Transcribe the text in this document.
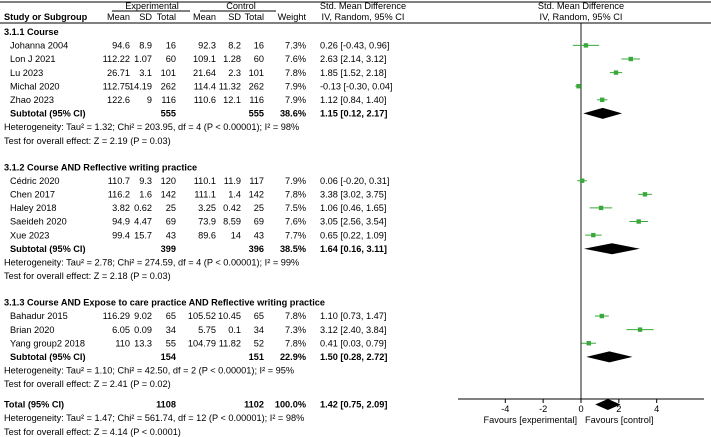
Experimental	Control	Std. Mean Difference	Std. Mean Difference
IV, Random, 95% CI	IV, Random, 95% CI
Study or Subgroup Mean SD Total Mean SD Total Weight
3.1.1 Course
Johanna 2004	94.6 8.9 16 92.3 8.2 16 7.3% 0.26 [-0.43, 0.96]
Lon J 2021	112.22 1.07 60 109.1 1.28 60 7.6% 2.63 [2.14, 3.12]
Lu 2023	26.71 3.1 101 21.64 2.3 101 7.8% 1.85 [1.52, 2.18]
Michal 2020	112.75 14.19 262 114.4 11.32 262 7.9% -0.13 [-0.30, 0.04]
Zhao 2023	122.6 9 116 110.6 12.1 116 7.9% 1.12 [0.84, 1.40]
Subtotal (95% CI)	555	555 38.6% 1.15 [0.12, 2.17]
Heterogeneity: Tau² = 1.32; Chi² = 203.95, df = 4 (P < 0.00001); I² = 98%
Test for overall effect: Z = 2.19 (P = 0.03)
3.1.2 Course AND Reflective writing practice
Cédric 2020	110.7 9.3 120 110.1 11.9 117 7.9% 0.06 [-0.20, 0.31]
Chen 2017	116.2 1.6 142 111.1 1.4 142 7.8% 3.38 [3.02, 3.75]
Haley 2018	3.82 0.62 25 3.25 0.42 25 7.5% 1.06 [0.46, 1.65]
Saeideh 2020	94.9 4.47 69 73.9 8.59 69 7.6% 3.05 [2.56, 3.54]
Xue 2023	99.4 15.7 43 89.6 14 43 7.7% 0.65 [0.22, 1.09]
Subtotal (95% CI)	399	396 38.5% 1.64 [0.16, 3.11]
Heterogeneity: Tau² = 2.78; Chi² = 274.59, df = 4 (P < 0.00001); I² = 99%
Test for overall effect: Z = 2.18 (P = 0.03)
3.1.3 Course AND Expose to care practice AND Reflective writing practice
Bahadur 2015	116.29 9.02 65 105.52 10.45 65 7.8% 1.10 [0.73, 1.47]
Brian 2020	6.05 0.09 34 5.75 0.1 34 7.3% 3.12 [2.40, 3.84]
Yang group2 2018	110 13.3 55 104.79 11.82 52 7.8% 0.41 [0.03, 0.79]
Subtotal (95% CI)	154	151 22.9% 1.50 [0.28, 2.72]
Heterogeneity: Tau² = 1.10; Chi² = 42.50, df = 2 (P < 0.00001); I² = 95%
Test for overall effect: Z = 2.41 (P = 0.02)
Total (95% CI)	1108	1102 100.0% 1.42 [0.75, 2.09]
Heterogeneity: Tau² = 1.47; Chi² = 561.74, df = 12 (P < 0.00001); I² = 98%
Test for overall effect: Z = 4.14 (P < 0.0001)
-4	-2	0	2	4
Favours [experimental] Favours [control]
